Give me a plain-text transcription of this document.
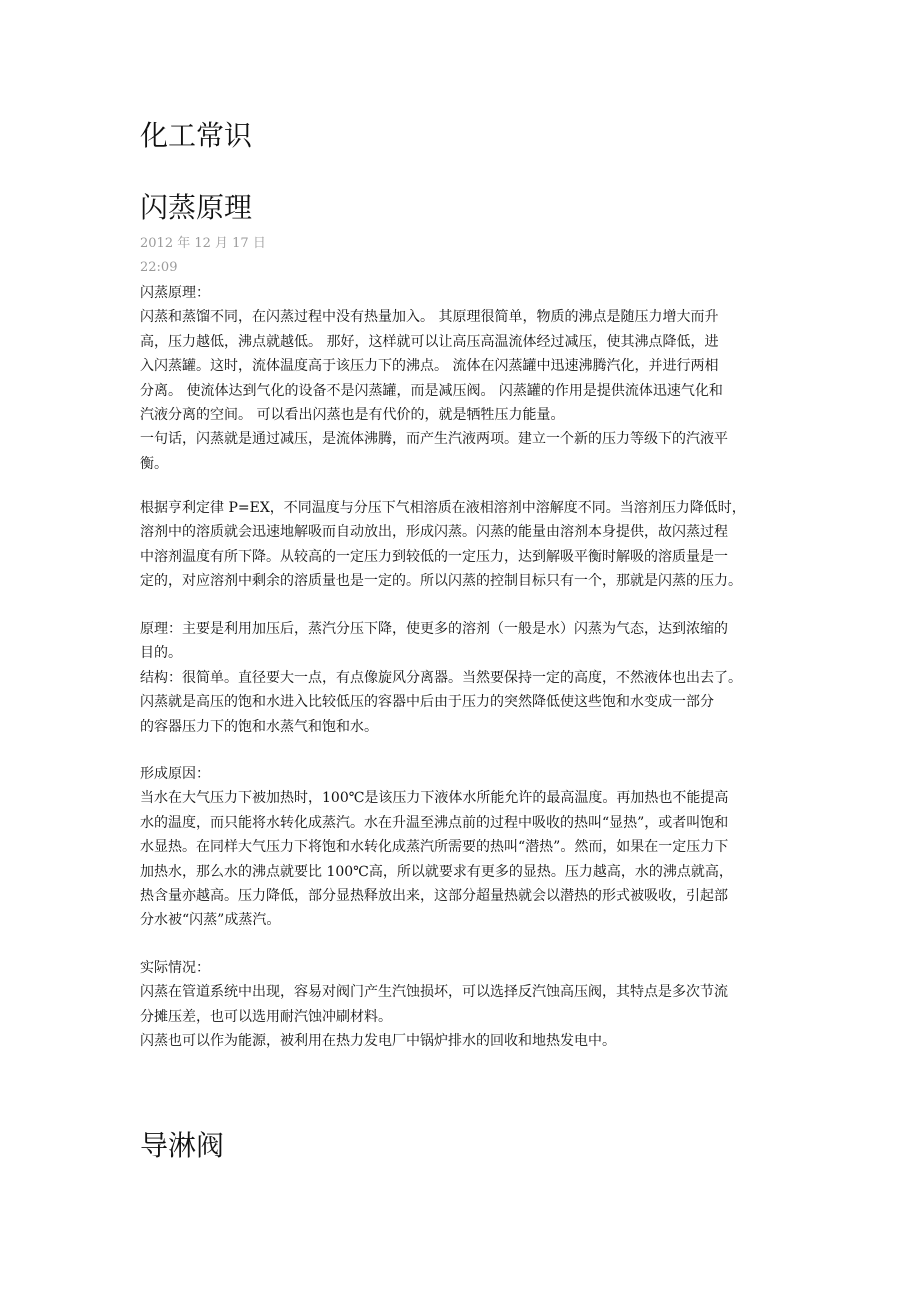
化工常识
闪蒸原理
2012 年 12 月 17 日
22:09
闪蒸原理：
闪蒸和蒸馏不同，在闪蒸过程中没有热量加入。 其原理很简单，物质的沸点是随压力增大而升
高，压力越低，沸点就越低。 那好，这样就可以让高压高温流体经过减压，使其沸点降低，进
入闪蒸罐。这时，流体温度高于该压力下的沸点。 流体在闪蒸罐中迅速沸腾汽化，并进行两相
分离。 使流体达到气化的设备不是闪蒸罐，而是减压阀。 闪蒸罐的作用是提供流体迅速气化和
汽液分离的空间。 可以看出闪蒸也是有代价的，就是牺牲压力能量。
一句话，闪蒸就是通过减压，是流体沸腾，而产生汽液两项。建立一个新的压力等级下的汽液平
衡。
根据亨利定律 P=EX，不同温度与分压下气相溶质在液相溶剂中溶解度不同。当溶剂压力降低时，
溶剂中的溶质就会迅速地解吸而自动放出，形成闪蒸。闪蒸的能量由溶剂本身提供，故闪蒸过程
中溶剂温度有所下降。从较高的一定压力到较低的一定压力，达到解吸平衡时解吸的溶质量是一
定的，对应溶剂中剩余的溶质量也是一定的。所以闪蒸的控制目标只有一个，那就是闪蒸的压力。
原理：主要是利用加压后，蒸汽分压下降，使更多的溶剂（一般是水）闪蒸为气态，达到浓缩的
目的。
结构：很简单。直径要大一点，有点像旋风分离器。当然要保持一定的高度，不然液体也出去了。
闪蒸就是高压的饱和水进入比较低压的容器中后由于压力的突然降低使这些饱和水变成一部分
的容器压力下的饱和水蒸气和饱和水。
形成原因：
当水在大气压力下被加热时，100℃是该压力下液体水所能允许的最高温度。再加热也不能提高
水的温度，而只能将水转化成蒸汽。水在升温至沸点前的过程中吸收的热叫“显热”，或者叫饱和
水显热。在同样大气压力下将饱和水转化成蒸汽所需要的热叫“潜热”。然而，如果在一定压力下
加热水，那么水的沸点就要比 100℃高，所以就要求有更多的显热。压力越高，水的沸点就高，
热含量亦越高。压力降低，部分显热释放出来，这部分超量热就会以潜热的形式被吸收，引起部
分水被“闪蒸”成蒸汽。
实际情况：
闪蒸在管道系统中出现，容易对阀门产生汽蚀损坏，可以选择反汽蚀高压阀，其特点是多次节流
分摊压差，也可以选用耐汽蚀冲刷材料。
闪蒸也可以作为能源，被利用在热力发电厂中锅炉排水的回收和地热发电中。
导淋阀
